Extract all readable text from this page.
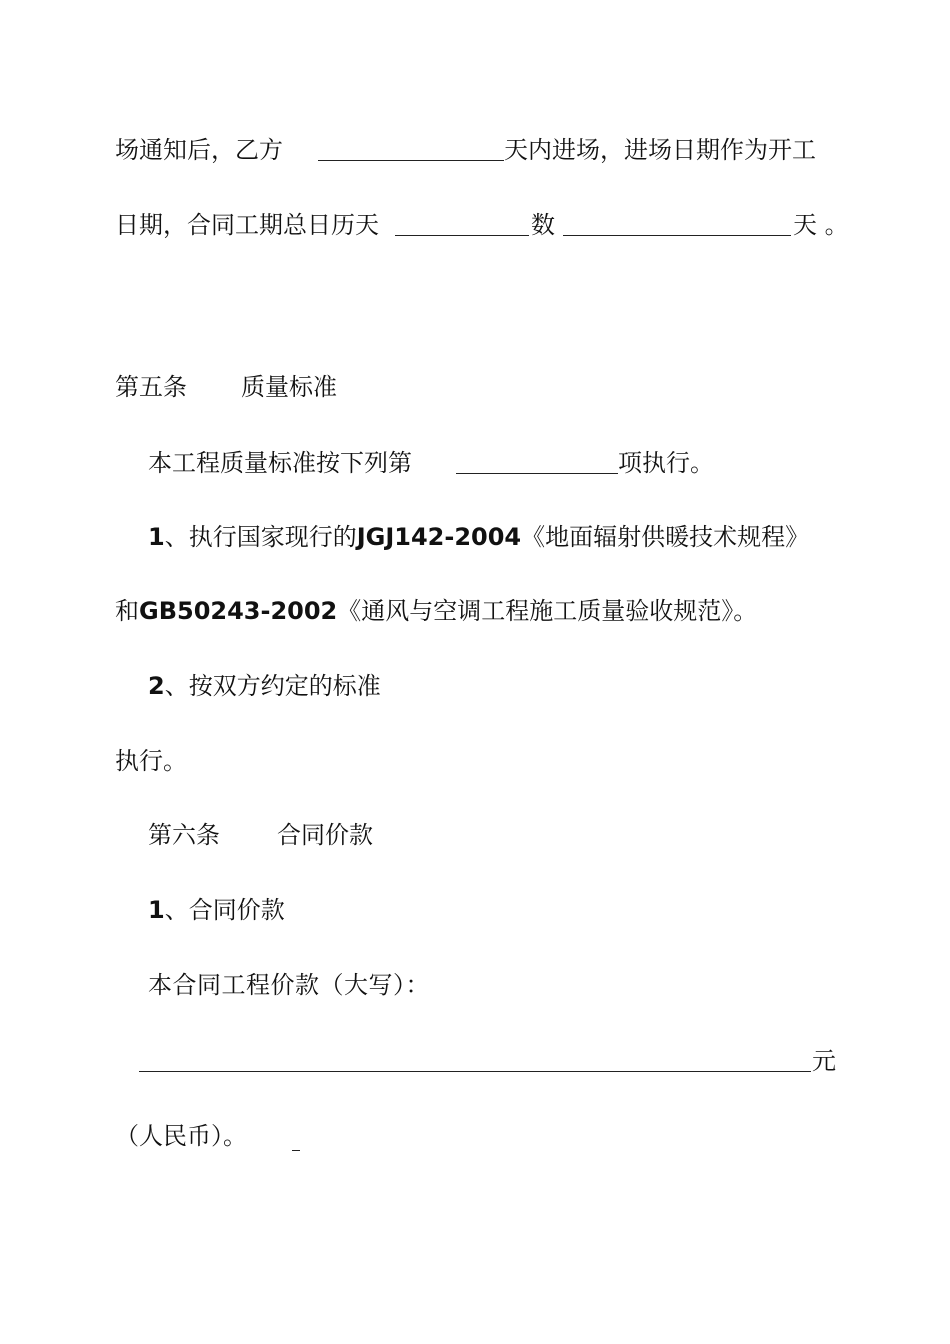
场通知后，乙方	天内进场，进场日期作为开工
日期，合同工期总日历天	数	天 。
第五条 质量标准
本工程质量标准按下列第	项执行。
1、执行国家现行的JGJ142-2004《地面辐射供暖技术规程》
和GB50243-2002《通风与空调工程施工质量验收规范》。
2、按双方约定的标准
执行。
第六条 合同价款
1、合同价款
本合同工程价款（大写）：
元
（人民币）。
